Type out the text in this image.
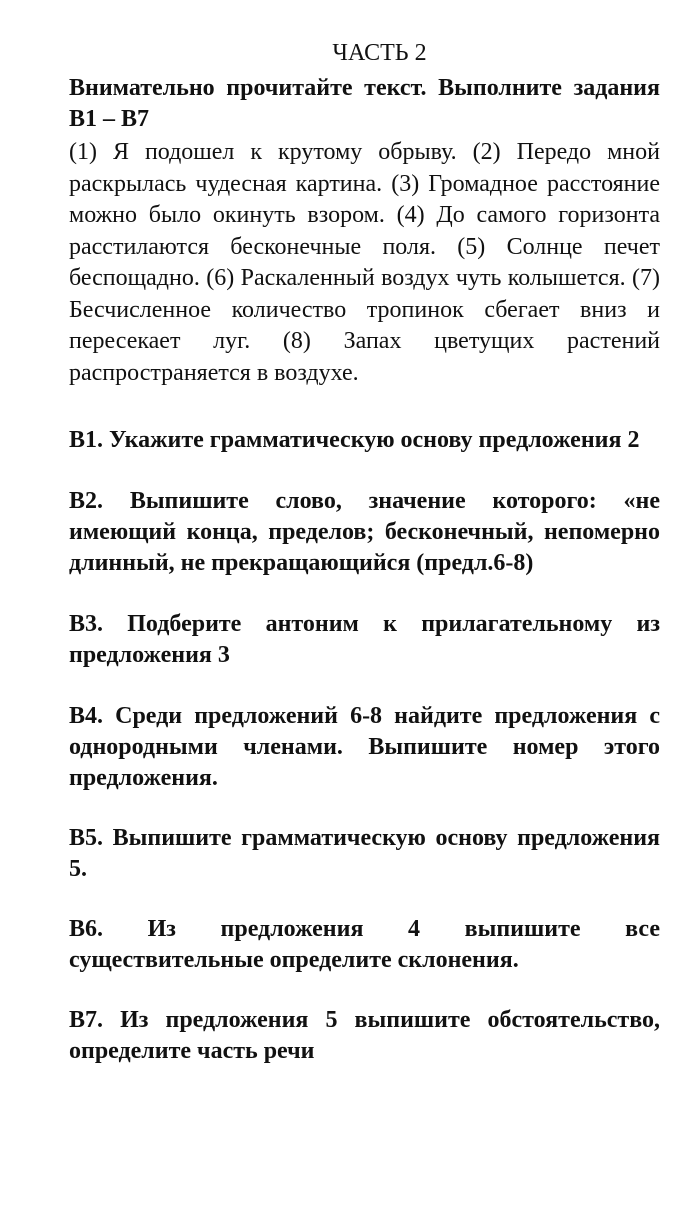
ЧАСТЬ 2

Внимательно прочитайте текст. Выполните задания В1 – В7

(1) Я подошел к крутому обрыву. (2) Передо мной раскрылась чудесная картина. (3) Громадное расстояние можно было окинуть взором. (4) До самого горизонта расстилаются бесконечные поля. (5) Солнце печет беспощадно. (6) Раскаленный воздух чуть колышется. (7) Бесчисленное количество тропинок сбегает вниз и пересекает луг. (8) Запах цветущих растений распространяется в воздухе.

В1. Укажите грамматическую основу предложения 2

В2. Выпишите слово, значение которого: «не имеющий конца, пределов; бесконечный, непомерно длинный, не прекращающийся (предл.6-8)

В3. Подберите антоним к прилагательному из предложения 3

В4. Среди предложений 6-8 найдите предложения с однородными членами. Выпишите номер этого предложения.

В5. Выпишите грамматическую основу предложения 5.

В6. Из предложения 4 выпишите все существительные определите склонения.

В7. Из предложения 5 выпишите обстоятельство, определите часть речи
